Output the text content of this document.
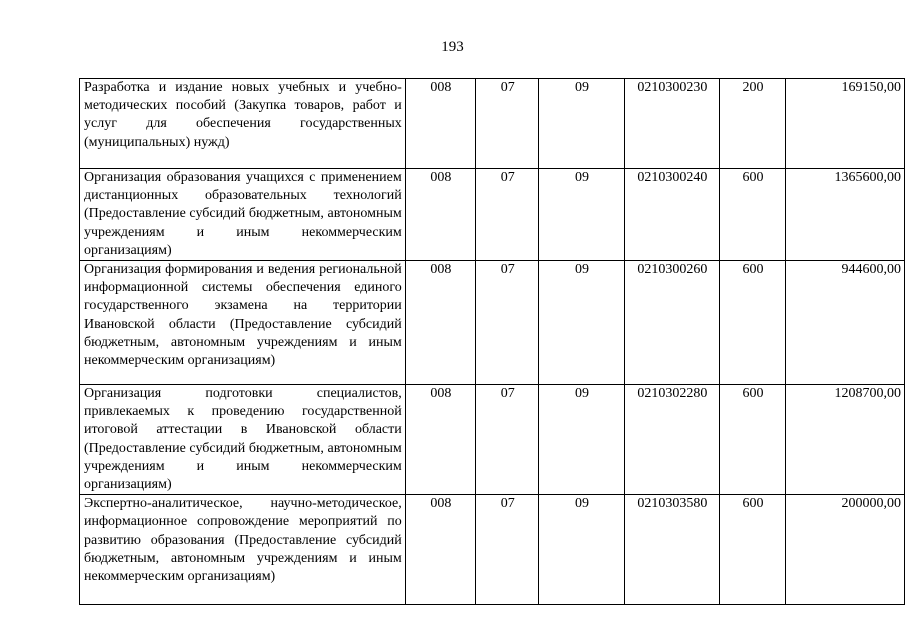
193
Разработка и издание новых учебных и учебно-методических пособий (Закупка товаров, работ и услуг для обеспечения государственных (муниципальных) нужд)	008	07	09	0210300230	200	169150,00
Организация образования учащихся с применением дистанционных образовательных технологий (Предоставление субсидий бюджетным, автономным учреждениям и иным некоммерческим организациям)	008	07	09	0210300240	600	1365600,00
Организация формирования и ведения региональной информационной системы обеспечения единого государственного экзамена на территории Ивановской области (Предоставление субсидий бюджетным, автономным учреждениям и иным некоммерческим организациям)	008	07	09	0210300260	600	944600,00
Организация подготовки специалистов, привлекаемых к проведению государственной итоговой аттестации в Ивановской области (Предоставление субсидий бюджетным, автономным учреждениям и иным некоммерческим организациям)	008	07	09	0210302280	600	1208700,00
Экспертно-аналитическое, научно-методическое, информационное сопровождение мероприятий по развитию образования (Предоставление субсидий бюджетным, автономным учреждениям и иным некоммерческим организациям)	008	07	09	0210303580	600	200000,00
